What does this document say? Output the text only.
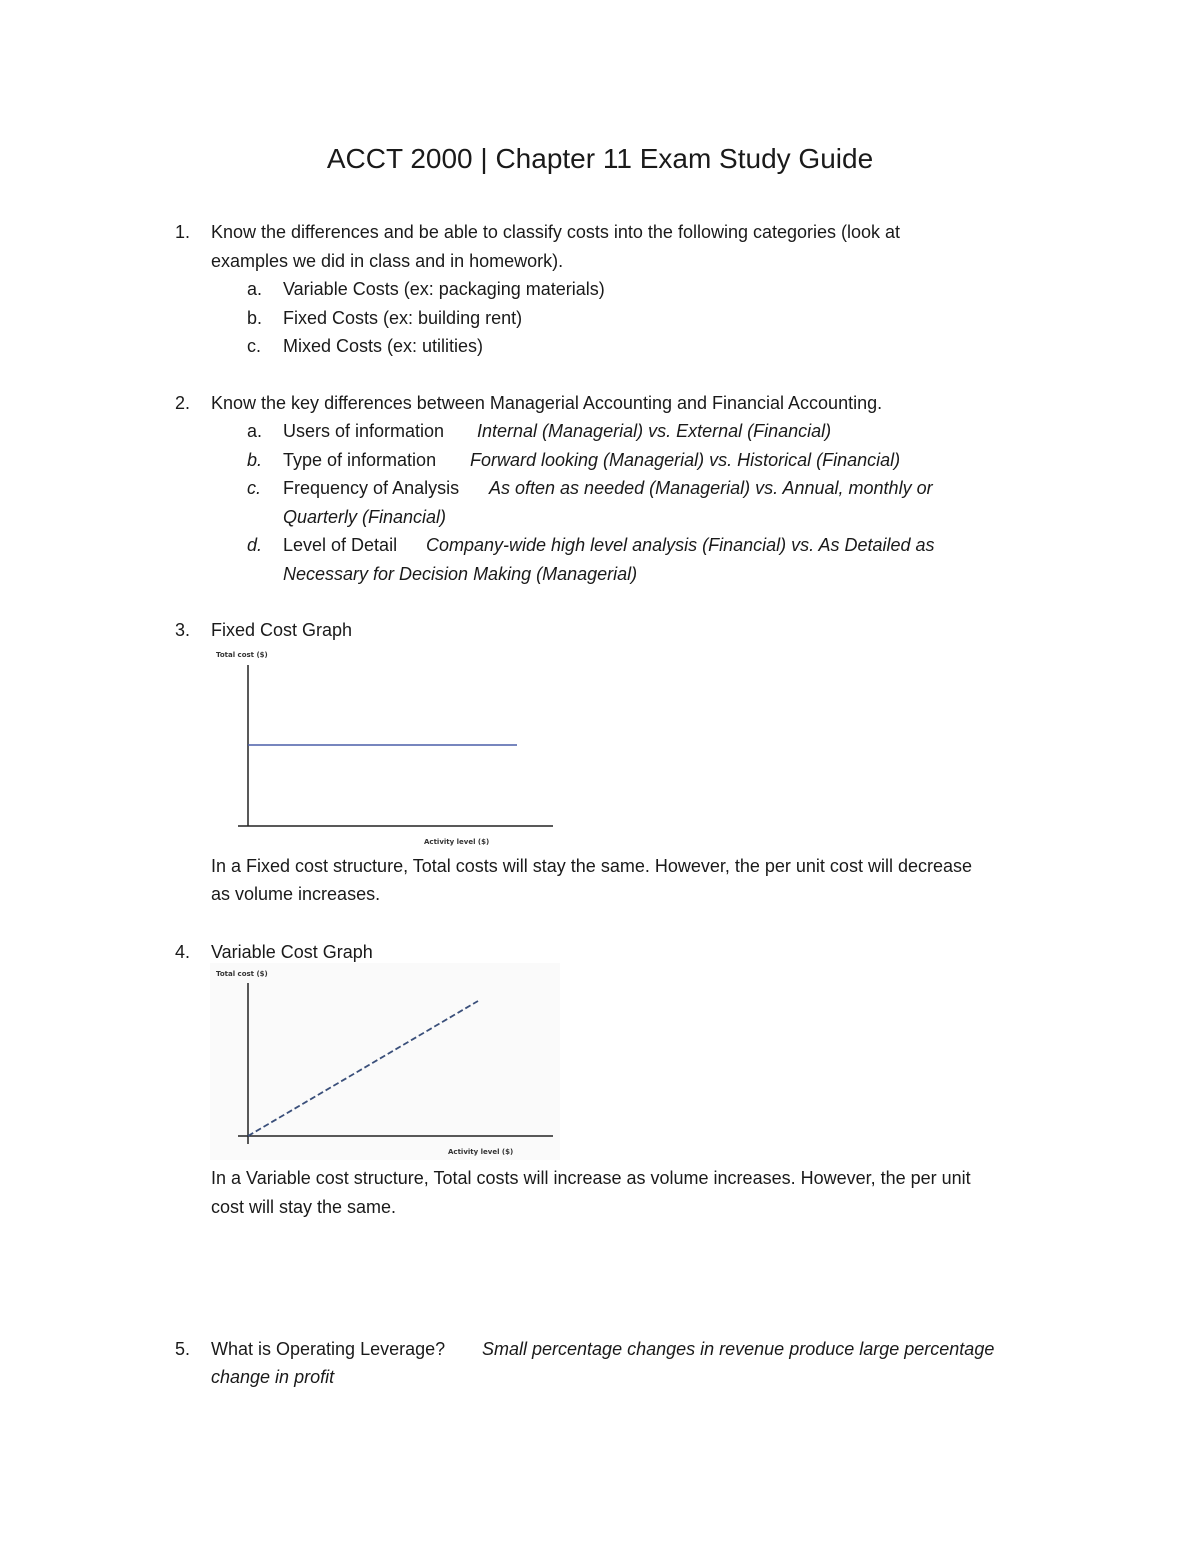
ACCT 2000 | Chapter 11 Exam Study Guide
1. Know the differences and be able to classify costs into the following categories (look at
examples we did in class and in homework).
a. Variable Costs (ex: packaging materials)
b. Fixed Costs (ex: building rent)
c. Mixed Costs (ex: utilities)
2. Know the key differences between Managerial Accounting and Financial Accounting.
a. Users of information Internal (Managerial) vs. External (Financial)
b. Type of information Forward looking (Managerial) vs. Historical (Financial)
c. Frequency of Analysis As often as needed (Managerial) vs. Annual, monthly or
Quarterly (Financial)
d. Level of Detail Company-wide high level analysis (Financial) vs. As Detailed as
Necessary for Decision Making (Managerial)
3. Fixed Cost Graph
Total cost ($)
Activity level ($)
In a Fixed cost structure, Total costs will stay the same. However, the per unit cost will decrease
as volume increases.
4. Variable Cost Graph
Total cost ($)
Activity level ($)
In a Variable cost structure, Total costs will increase as volume increases. However, the per unit
cost will stay the same.
5. What is Operating Leverage? Small percentage changes in revenue produce large percentage
change in profit
